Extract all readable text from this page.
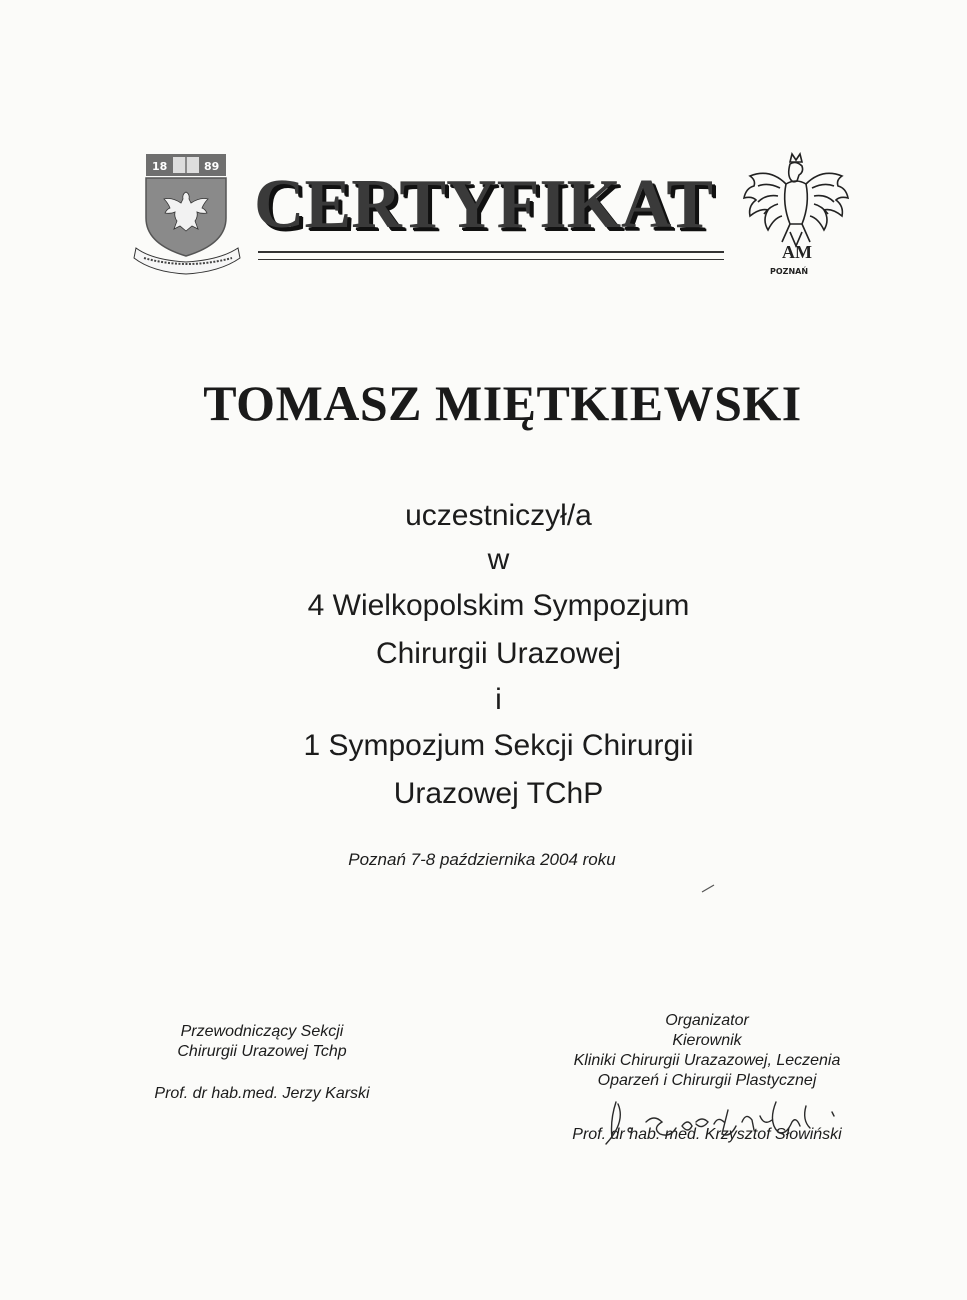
18	89 CERTYFIKAT
AM
POZNAŃ
TOMASZ MIĘTKIEWSKI
uczestniczył/a
w
4 Wielkopolskim Sympozjum
Chirurgii Urazowej
i
1 Sympozjum Sekcji Chirurgii
Urazowej TChP
Poznań 7-8 października 2004 roku
Przewodniczący Sekcji
Chirurgii Urazowej Tchp
Prof. dr hab.med. Jerzy Karski
Organizator
Kierownik
Kliniki Chirurgii Urazazowej, Leczenia
Oparzeń i Chirurgii Plastycznej
Prof. dr hab. med. Krzysztof Słowiński
